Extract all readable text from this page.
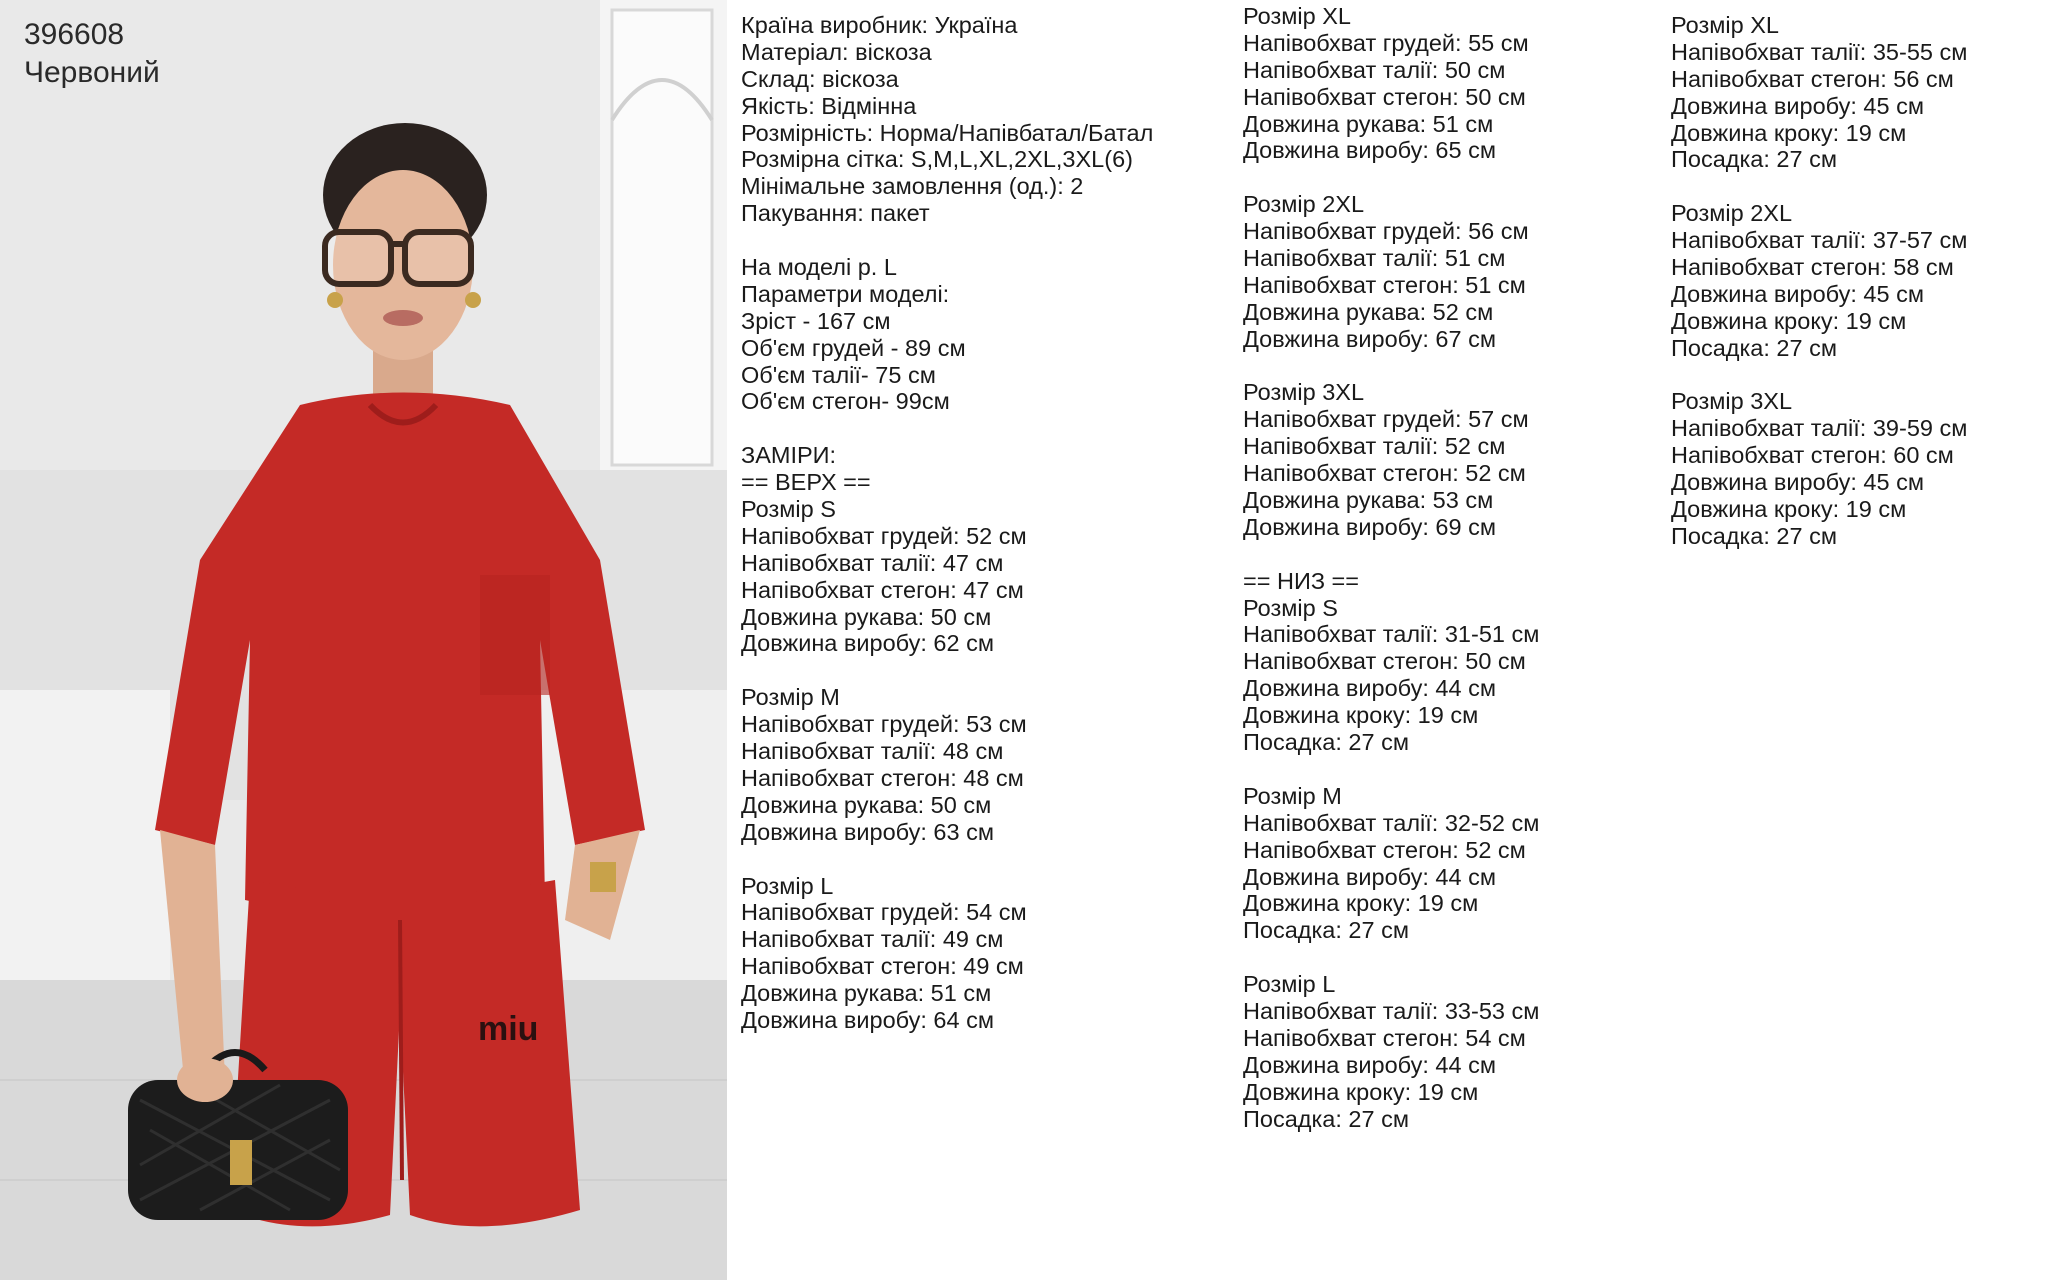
miu
396608
Червоний
Країна виробник: Україна
Матеріал: віскоза
Склад: віскоза
Якість: Відмінна
Розмірність: Норма/Напівбатал/Батал
Розмірна сітка: S,M,L,XL,2XL,3XL(6)
Мінімальне замовлення (од.): 2
Пакування: пакет
На моделі р. L
Параметри моделі:
Зріст - 167 см
Об'єм грудей - 89 см
Об'єм талії- 75 см
Об'єм стегон- 99см
ЗАМІРИ:
== ВЕРХ ==
Розмір S
Напівобхват грудей: 52 см
Напівобхват талії: 47 см
Напівобхват стегон: 47 см
Довжина рукава: 50 см
Довжина виробу: 62 см
Розмір M
Напівобхват грудей: 53 см
Напівобхват талії: 48 см
Напівобхват стегон: 48 см
Довжина рукава: 50 см
Довжина виробу: 63 см
Розмір L
Напівобхват грудей: 54 см
Напівобхват талії: 49 см
Напівобхват стегон: 49 см
Довжина рукава: 51 см
Довжина виробу: 64 см
Розмір XL
Напівобхват грудей: 55 см
Напівобхват талії: 50 см
Напівобхват стегон: 50 см
Довжина рукава: 51 см
Довжина виробу: 65 см
Розмір 2XL
Напівобхват грудей: 56 см
Напівобхват талії: 51 см
Напівобхват стегон: 51 см
Довжина рукава: 52 см
Довжина виробу: 67 см
Розмір 3XL
Напівобхват грудей: 57 см
Напівобхват талії: 52 см
Напівобхват стегон: 52 см
Довжина рукава: 53 см
Довжина виробу: 69 см
== НИЗ ==
Розмір S
Напівобхват талії: 31-51 см
Напівобхват стегон: 50 см
Довжина виробу: 44 см
Довжина кроку: 19 см
Посадка: 27 см
Розмір M
Напівобхват талії: 32-52 см
Напівобхват стегон: 52 см
Довжина виробу: 44 см
Довжина кроку: 19 см
Посадка: 27 см
Розмір L
Напівобхват талії: 33-53 см
Напівобхват стегон: 54 см
Довжина виробу: 44 см
Довжина кроку: 19 см
Посадка: 27 см
Розмір XL
Напівобхват талії: 35-55 см
Напівобхват стегон: 56 см
Довжина виробу: 45 см
Довжина кроку: 19 см
Посадка: 27 см
Розмір 2XL
Напівобхват талії: 37-57 см
Напівобхват стегон: 58 см
Довжина виробу: 45 см
Довжина кроку: 19 см
Посадка: 27 см
Розмір 3XL
Напівобхват талії: 39-59 см
Напівобхват стегон: 60 см
Довжина виробу: 45 см
Довжина кроку: 19 см
Посадка: 27 см
